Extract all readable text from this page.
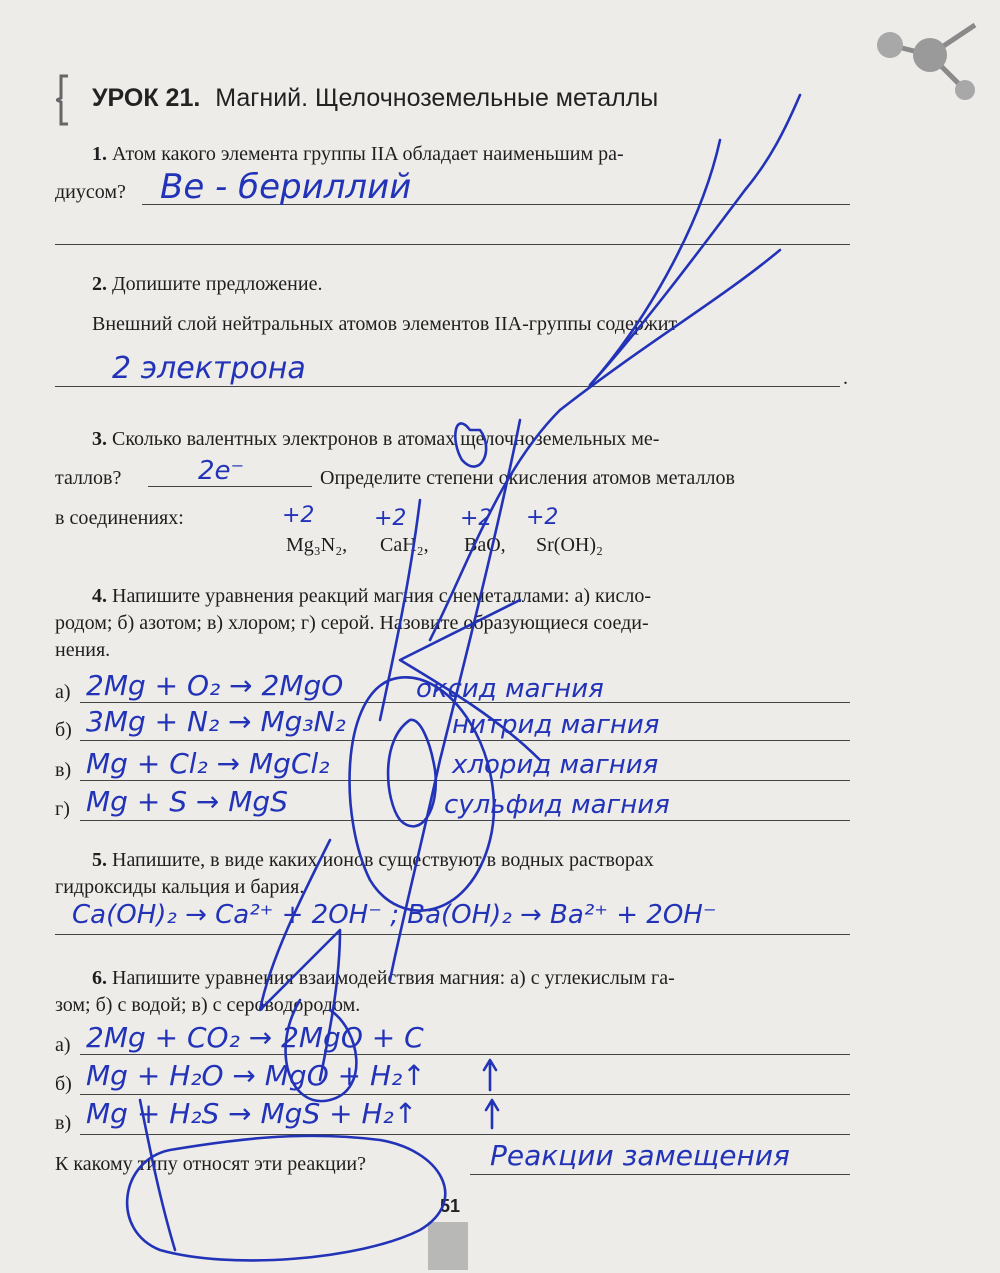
УРОК 21. Магний. Щелочноземельные металлы
1. Атом какого элемента группы IIA обладает наименьшим ра-
диусом? Be - бериллий
2. Допишите предложение.
Внешний слой нейтральных атомов элементов IIA-группы содержит
.
2 электрона
3. Сколько валентных электронов в атомах щелочноземельных ме-
таллов?	2e⁻	Определите степени окисления атомов металлов
в соединениях:	+2	+2 +2 +2
Mg₃N₂, CaH₂, BaO, Sr(OH)₂
4. Напишите уравнения реакций магния с неметаллами: а) кисло-
родом; б) азотом; в) хлором; г) серой. Назовите образующиеся соеди-
нения.
а) 2Mg + O₂ → 2MgO	оксид магния
б) 3Mg + N₂ → Mg₃N₂	нитрид магния
в) Mg + Cl₂ → MgCl₂	хлорид магния
г) Mg + S → MgS	сульфид магния
5. Напишите, в виде каких ионов существуют в водных растворах
гидроксиды кальция и бария.
Ca(OH)₂ → Ca²⁺ + 2OH⁻ ; Ba(OH)₂ → Ba²⁺ + 2OH⁻
6. Напишите уравнения взаимодействия магния: а) с углекислым га-
зом; б) с водой; в) с сероводородом.
а) 2Mg + CO₂ → 2MgO + C
б) Mg + H₂O → MgO + H₂↑
в) Mg + H₂S → MgS + H₂↑
К какому типу относят эти реакции?	Реакции замещения
51
